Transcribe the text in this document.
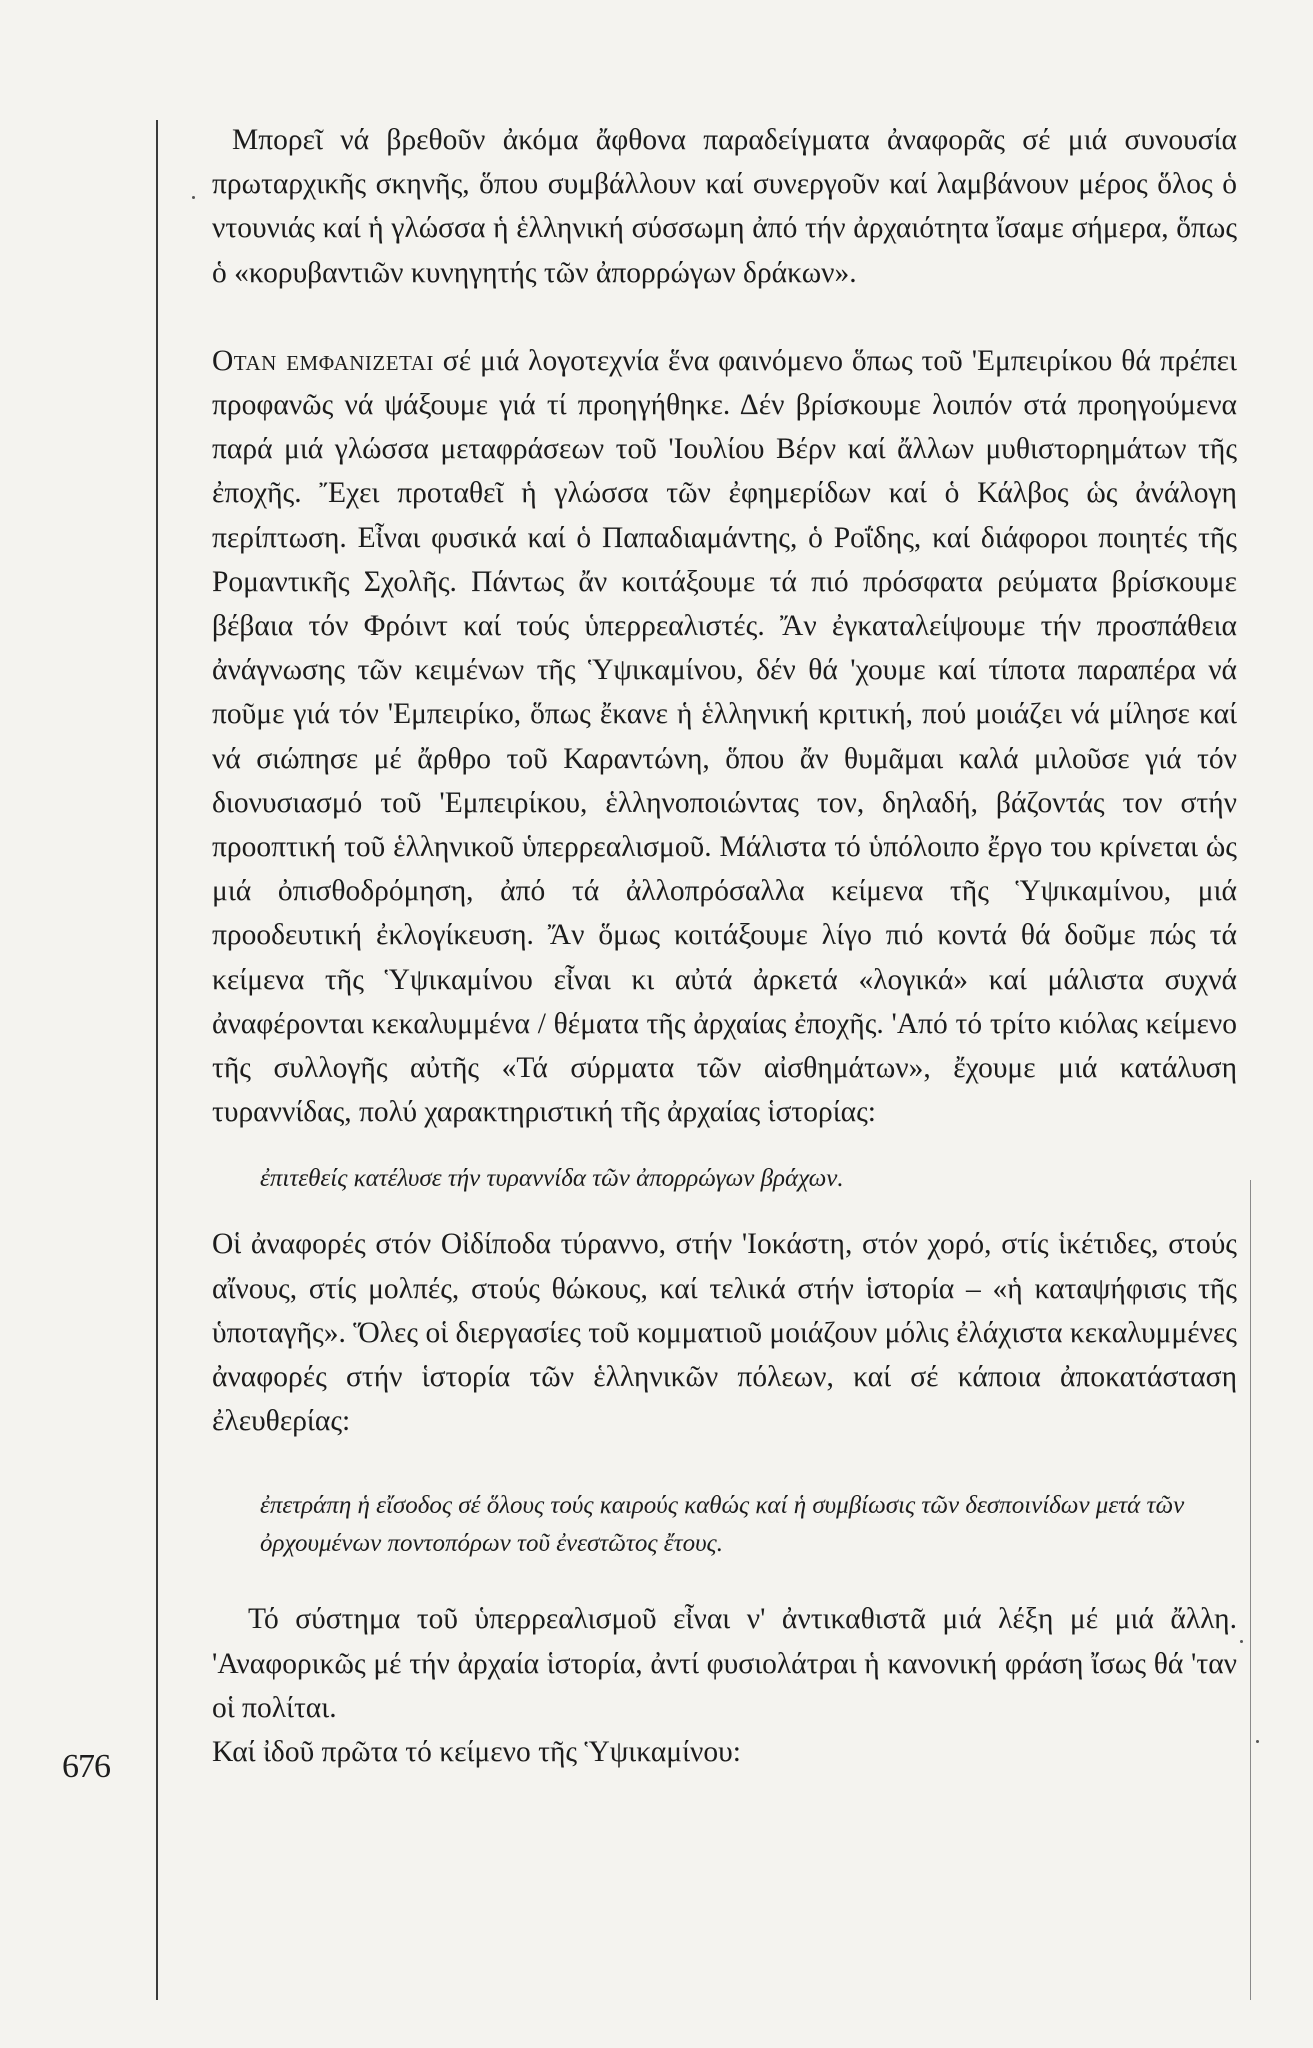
676

Μπορεῖ νά βρεθοῦν ἀκόμα ἄφθονα παραδείγματα ἀναφορᾶς σέ μιά συνουσία πρωταρχικῆς σκηνῆς, ὅπου συμβάλλουν καί συνεργοῦν καί λαμβάνουν μέρος ὅλος ὁ ντουνιάς καί ἡ γλώσσα ἡ ἑλληνική σύσσωμη ἀπό τήν ἀρχαιότητα ἴσαμε σήμερα, ὅπως ὁ «κορυβαντιῶν κυνηγητής τῶν ἀπορρώγων δράκων».

Οταν εμφανιζεται σέ μιά λογοτεχνία ἕνα φαινόμενο ὅπως τοῦ 'Εμπειρίκου θά πρέπει προφανῶς νά ψάξουμε γιά τί προηγήθηκε. Δέν βρίσκουμε λοιπόν στά προηγούμενα παρά μιά γλώσσα μεταφράσεων τοῦ 'Ιουλίου Βέρν καί ἄλλων μυθιστορημάτων τῆς ἐποχῆς. Ἔχει προταθεῖ ἡ γλώσσα τῶν ἐφημερίδων καί ὁ Κάλβος ὡς ἀνάλογη περίπτωση. Εἶναι φυσικά καί ὁ Παπαδιαμάντης, ὁ Ροΐδης, καί διάφοροι ποιητές τῆς Ρομαντικῆς Σχολῆς. Πάντως ἄν κοιτάξουμε τά πιό πρόσφατα ρεύματα βρίσκουμε βέβαια τόν Φρόιντ καί τούς ὑπερρεαλιστές. Ἄν ἐγκαταλείψουμε τήν προσπάθεια ἀνάγνωσης τῶν κειμένων τῆς Ὑψικαμίνου, δέν θά 'χουμε καί τίποτα παραπέρα νά ποῦμε γιά τόν 'Εμπειρίκο, ὅπως ἔκανε ἡ ἑλληνική κριτική, πού μοιάζει νά μίλησε καί νά σιώπησε μέ ἄρθρο τοῦ Καραντώνη, ὅπου ἄν θυμᾶμαι καλά μιλοῦσε γιά τόν διονυσιασμό τοῦ 'Εμπειρίκου, ἑλληνοποιώντας τον, δηλαδή, βάζοντάς τον στήν προοπτική τοῦ ἑλληνικοῦ ὑπερρεαλισμοῦ. Μάλιστα τό ὑπόλοιπο ἔργο του κρίνεται ὡς μιά ὀπισθοδρόμηση, ἀπό τά ἀλλοπρόσαλλα κείμενα τῆς Ὑψικαμίνου, μιά προοδευτική ἐκλογίκευση. Ἄν ὅμως κοιτάξουμε λίγο πιό κοντά θά δοῦμε πώς τά κείμενα τῆς Ὑψικαμίνου εἶναι κι αὐτά ἀρκετά «λογικά» καί μάλιστα συχνά ἀναφέρονται κεκαλυμμένα / θέματα τῆς ἀρχαίας ἐποχῆς. 'Από τό τρίτο κιόλας κείμενο τῆς συλλογῆς αὐτῆς «Τά σύρματα τῶν αἰσθημάτων», ἔχουμε μιά κατάλυση τυραννίδας, πολύ χαρακτηριστική τῆς ἀρχαίας ἱστορίας:

ἐπιτεθείς κατέλυσε τήν τυραννίδα τῶν ἀπορρώγων βράχων.

Οἱ ἀναφορές στόν Οἰδίποδα τύραννο, στήν 'Ιοκάστη, στόν χορό, στίς ἱκέτιδες, στούς αἴνους, στίς μολπές, στούς θώκους, καί τελικά στήν ἱστορία – «ἡ καταψήφισις τῆς ὑποταγῆς». Ὅλες οἱ διεργασίες τοῦ κομματιοῦ μοιάζουν μόλις ἐλάχιστα κεκαλυμμένες ἀναφορές στήν ἱστορία τῶν ἑλληνικῶν πόλεων, καί σέ κάποια ἀποκατάσταση ἐλευθερίας:

ἐπετράπη ἡ εἴσοδος σέ ὅλους τούς καιρούς καθώς καί ἡ συμβίωσις τῶν δεσποινίδων μετά τῶν ὀρχουμένων ποντοπόρων τοῦ ἐνεστῶτος ἔτους.

Τό σύστημα τοῦ ὑπερρεαλισμοῦ εἶναι ν' ἀντικαθιστᾶ μιά λέξη μέ μιά ἄλλη. 'Αναφορικῶς μέ τήν ἀρχαία ἱστορία, ἀντί φυσιολάτραι ἡ κανονική φράση ἴσως θά 'ταν οἱ πολίται.

Καί ἰδοῦ πρῶτα τό κείμενο τῆς Ὑψικαμίνου:
